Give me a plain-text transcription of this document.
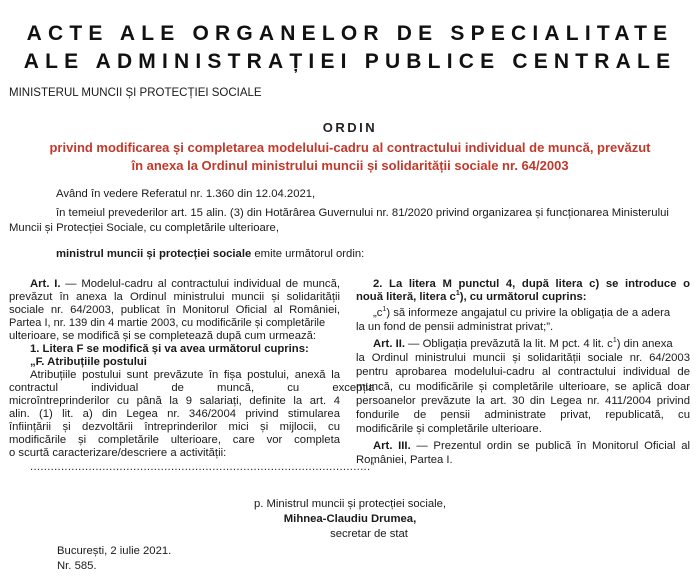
ACTE ALE ORGANELOR DE SPECIALITATE
ALE ADMINISTRAȚIEI PUBLICE CENTRALE
MINISTERUL MUNCII ȘI PROTECȚIEI SOCIALE
ORDIN
privind modificarea și completarea modelului-cadru al contractului individual de muncă, prevăzut
în anexa la Ordinul ministrului muncii și solidarității sociale nr. 64/2003
Având în vedere Referatul nr. 1.360 din 12.04.2021,
în temeiul prevederilor art. 15 alin. (3) din Hotărârea Guvernului nr. 81/2020 privind organizarea și funcționarea Ministerului
Muncii și Protecției Sociale, cu completările ulterioare,
ministrul muncii și protecției sociale emite următorul ordin:
Art. I. — Modelul-cadru al contractului individual de muncă,
prevăzut în anexa la Ordinul ministrului muncii și solidarității
sociale nr. 64/2003, publicat în Monitorul Oficial al României,
Partea I, nr. 139 din 4 martie 2003, cu modificările și completările
ulterioare, se modifică și se completează după cum urmează:
1. Litera F se modifică și va avea următorul cuprins:
„F. Atribuțiile postului
Atribuțiile postului sunt prevăzute în fișa postului, anexă la
contractul individual de muncă, cu excepția
microîntreprinderilor cu până la 9 salariați, definite la art. 4
alin. (1) lit. a) din Legea nr. 346/2004 privind stimularea
înființării și dezvoltării întreprinderilor mici și mijlocii, cu
modificările și completările ulterioare, care vor completa
o scurtă caracterizare/descriere a activității:
...................................................................................................”
2. La litera M punctul 4, după litera c) se introduce o
nouă literă, litera $c^1$), cu următorul cuprins:
$„c^1$) să informeze angajatul cu privire la obligația de a adera
la un fond de pensii administrat privat;”.
Art. II. — Obligația prevăzută la lit. M pct. 4 lit. $c^1$) din anexa
la Ordinul ministrului muncii și solidarității sociale nr. 64/2003
pentru aprobarea modelului-cadru al contractului individual de
muncă, cu modificările și completările ulterioare, se aplică doar
persoanelor prevăzute la art. 30 din Legea nr. 411/2004 privind
fondurile de pensii administrate privat, republicată, cu
modificările și completările ulterioare.
Art. III. — Prezentul ordin se publică în Monitorul Oficial al
României, Partea I.
p. Ministrul muncii și protecției sociale,
Mihnea-Claudiu Drumea,
secretar de stat
București, 2 iulie 2021.
Nr. 585.
